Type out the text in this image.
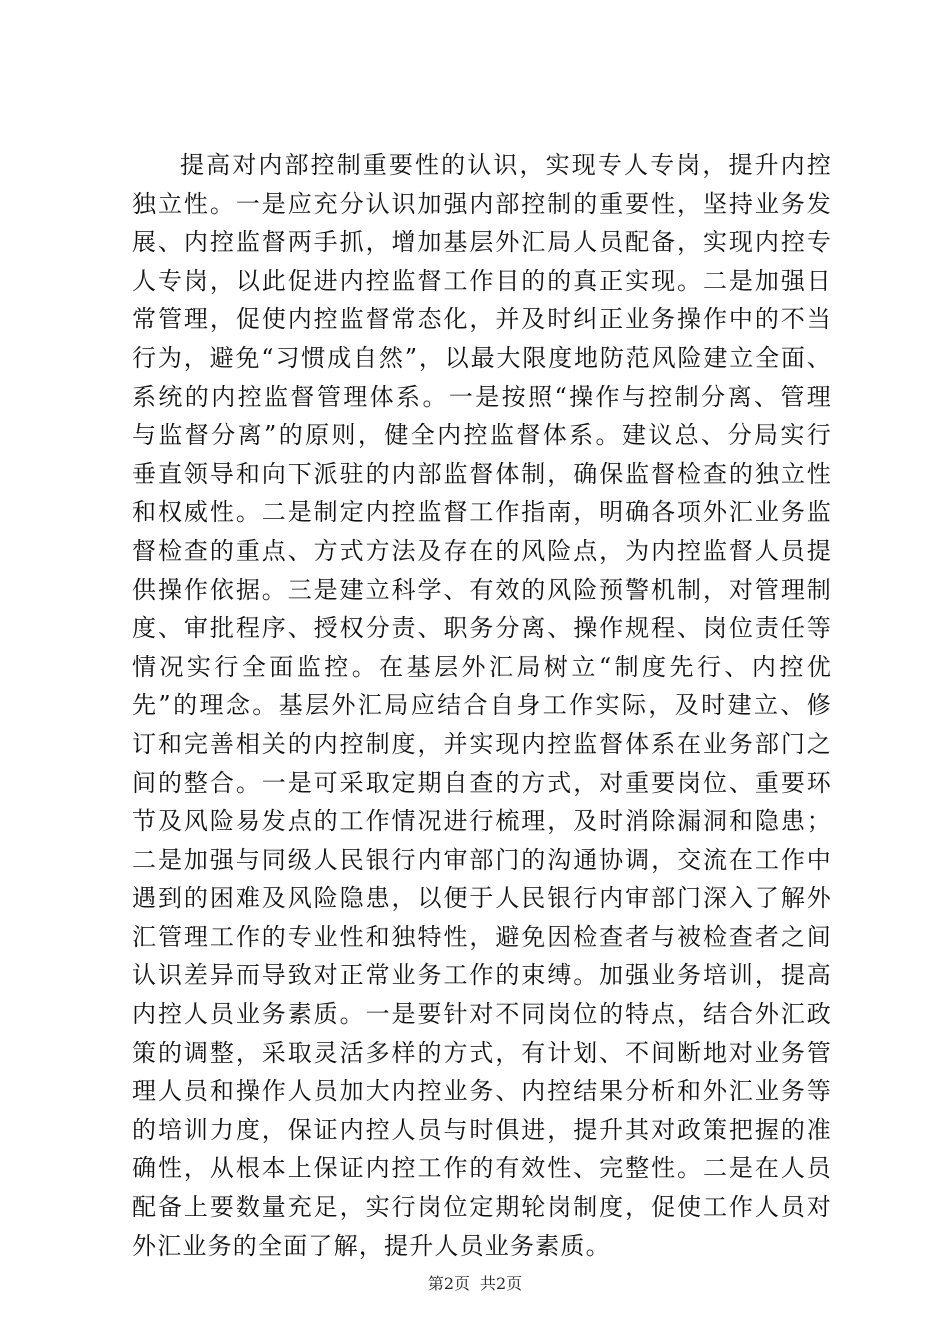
提高对内部控制重要性的认识，实现专人专岗，提升内控
独立性。一是应充分认识加强内部控制的重要性，坚持业务发
展、内控监督两手抓，增加基层外汇局人员配备，实现内控专
人专岗，以此促进内控监督工作目的的真正实现。二是加强日
常管理，促使内控监督常态化，并及时纠正业务操作中的不当
行为，避免“习惯成自然”，以最大限度地防范风险建立全面、
系统的内控监督管理体系。一是按照“操作与控制分离、管理
与监督分离”的原则，健全内控监督体系。建议总、分局实行
垂直领导和向下派驻的内部监督体制，确保监督检查的独立性
和权威性。二是制定内控监督工作指南，明确各项外汇业务监
督检查的重点、方式方法及存在的风险点，为内控监督人员提
供操作依据。三是建立科学、有效的风险预警机制，对管理制
度、审批程序、授权分责、职务分离、操作规程、岗位责任等
情况实行全面监控。在基层外汇局树立“制度先行、内控优
先”的理念。基层外汇局应结合自身工作实际，及时建立、修
订和完善相关的内控制度，并实现内控监督体系在业务部门之
间的整合。一是可采取定期自查的方式，对重要岗位、重要环
节及风险易发点的工作情况进行梳理，及时消除漏洞和隐患；
二是加强与同级人民银行内审部门的沟通协调，交流在工作中
遇到的困难及风险隐患，以便于人民银行内审部门深入了解外
汇管理工作的专业性和独特性，避免因检查者与被检查者之间
认识差异而导致对正常业务工作的束缚。加强业务培训，提高
内控人员业务素质。一是要针对不同岗位的特点，结合外汇政
策的调整，采取灵活多样的方式，有计划、不间断地对业务管
理人员和操作人员加大内控业务、内控结果分析和外汇业务等
的培训力度，保证内控人员与时俱进，提升其对政策把握的准
确性，从根本上保证内控工作的有效性、完整性。二是在人员
配备上要数量充足，实行岗位定期轮岗制度，促使工作人员对
外汇业务的全面了解，提升人员业务素质。
第2页 共2页
